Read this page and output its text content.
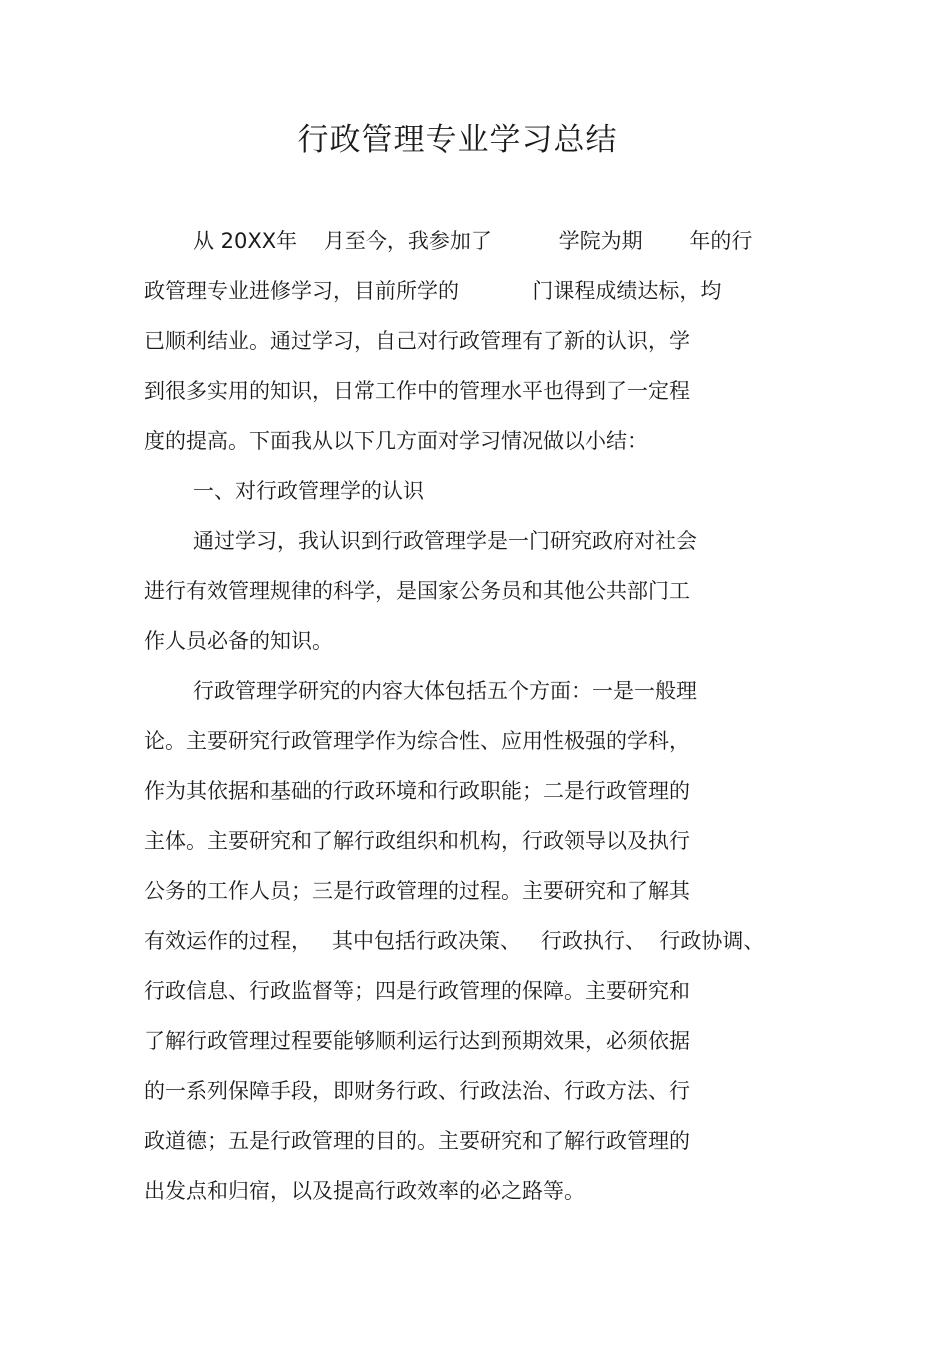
行政管理专业学习总结
从 20XX年    月至今，我参加了          学院为期       年的行
政管理专业进修学习，目前所学的           门课程成绩达标，均
已顺利结业。通过学习，自己对行政管理有了新的认识，学
到很多实用的知识，日常工作中的管理水平也得到了一定程
度的提高。下面我从以下几方面对学习情况做以小结：
一、对行政管理学的认识
通过学习，我认识到行政管理学是一门研究政府对社会
进行有效管理规律的科学，是国家公务员和其他公共部门工
作人员必备的知识。
行政管理学研究的内容大体包括五个方面：一是一般理
论。主要研究行政管理学作为综合性、应用性极强的学科，
作为其依据和基础的行政环境和行政职能；二是行政管理的
主体。主要研究和了解行政组织和机构，行政领导以及执行
公务的工作人员；三是行政管理的过程。主要研究和了解其
有效运作的过程，   其中包括行政决策、   行政执行、  行政协调、
行政信息、行政监督等；四是行政管理的保障。主要研究和
了解行政管理过程要能够顺利运行达到预期效果，必须依据
的一系列保障手段，即财务行政、行政法治、行政方法、行
政道德；五是行政管理的目的。主要研究和了解行政管理的
出发点和归宿，以及提高行政效率的必之路等。
